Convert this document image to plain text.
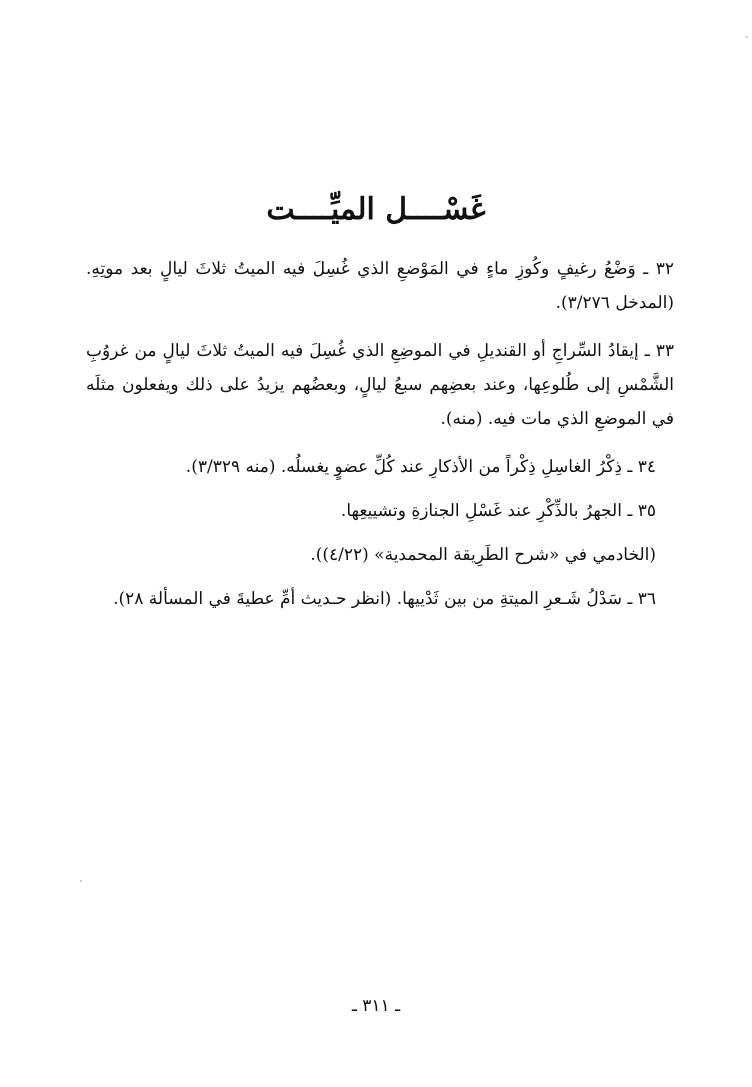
غَسْــــل الميِّــــت

٣٢ ـ وَضْعُ رغيفٍ وكُوزِ ماءٍ في المَوْضعِ الذي غُسِلَ فيه الميتُ ثلاثَ ليالٍ بعد موتِهِ. (المدخل ٣/٢٧٦).

٣٣ ـ إيقادُ السِّراجِ أو القنديلِ في الموضِعِ الذي غُسِلَ فيه الميتُ ثلاثَ ليالٍ من غروُبِ الشَّمْسِ إلى طُلوعِها، وعند بعضِهم سبعُ ليالٍ، وبعضُهم يزيدُ على ذلك ويفعلون مثلَه في الموضعِ الذي مات فيه. (منه).

٣٤ ـ ذِكْرُ الغاسِلِ ذِكْراً من الأذكارِ عند كُلِّ عضوٍ يغسلُه. (منه ٣/٣٢٩).

٣٥ ـ الجهرُ بالذِّكْرِ عند غَسْلِ الجنازةِ وتشييعِها.

(الخادمي في «شرح الطَرِيقة المحمدية» (٤/٢٢)).

٣٦ ـ سَدْلُ شَـعرِ الميتةِ من بين ثَدْييها. (انظر حـديث أمِّ عطيةَ في المسألة ٢٨).

ـ ٣١١ ـ
